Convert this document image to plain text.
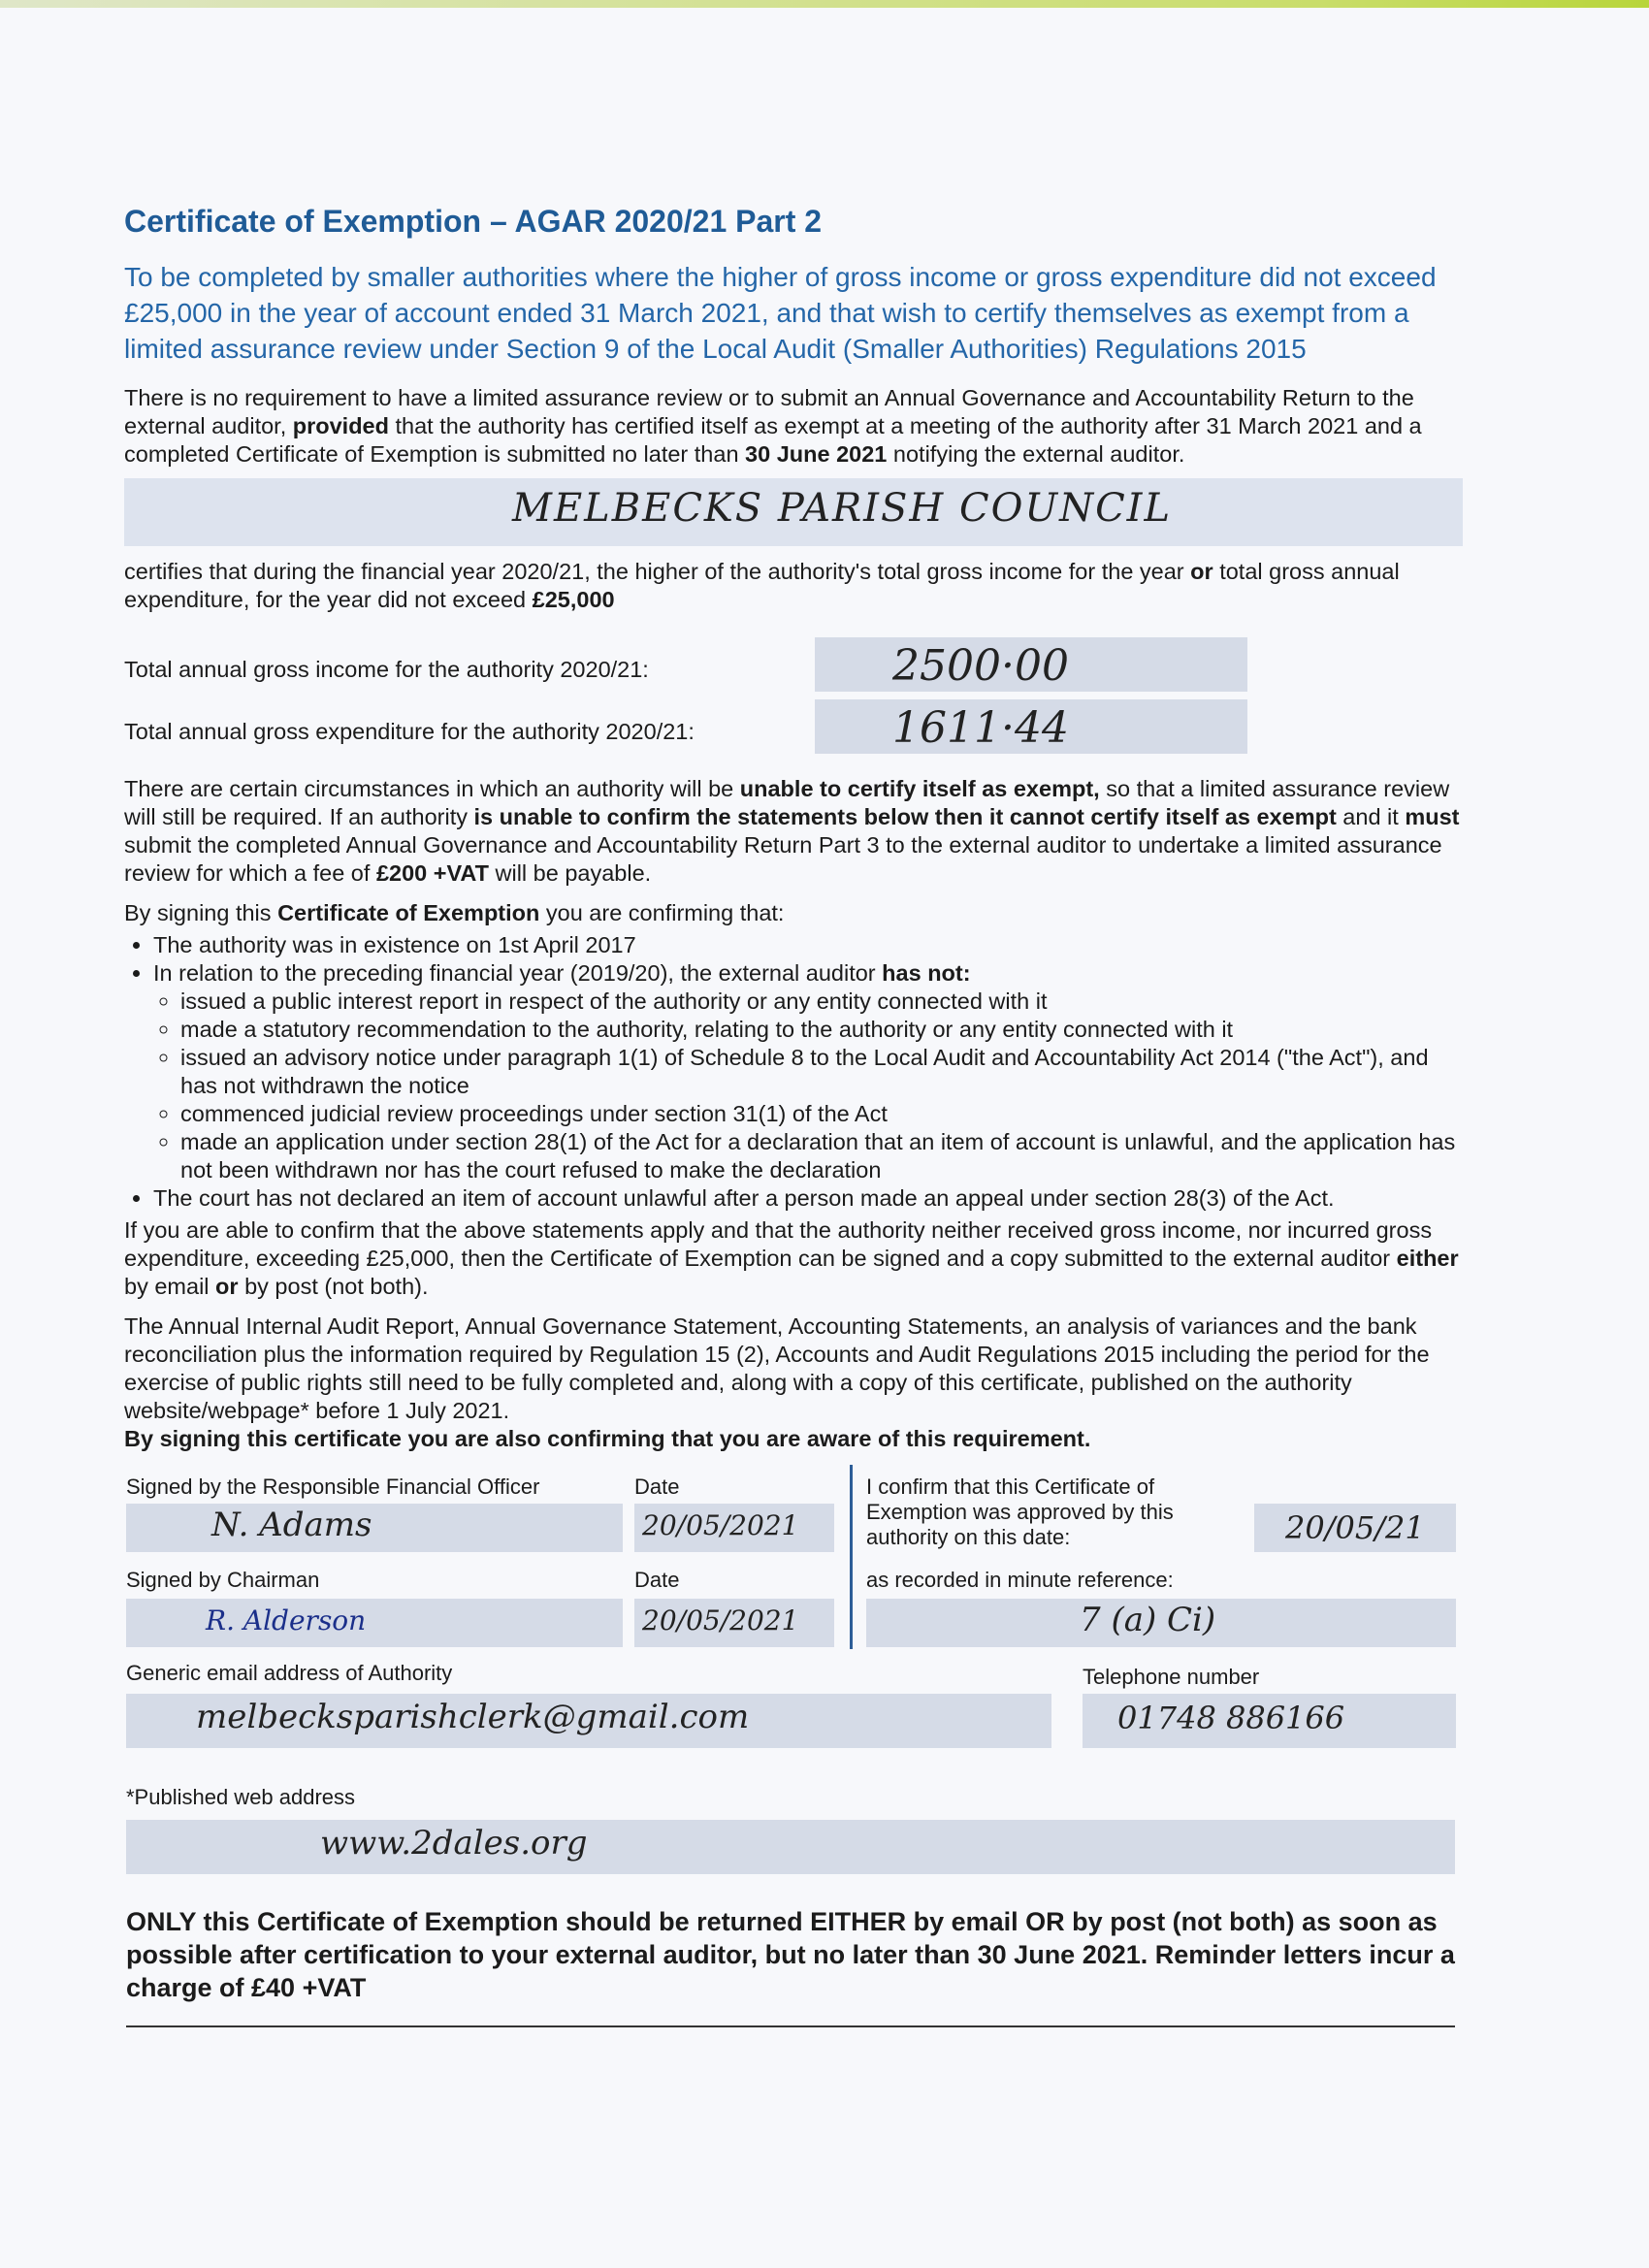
Certificate of Exemption – AGAR 2020/21 Part 2
To be completed by smaller authorities where the higher of gross income or gross expenditure did not exceed £25,000 in the year of account ended 31 March 2021, and that wish to certify themselves as exempt from a limited assurance review under Section 9 of the Local Audit (Smaller Authorities) Regulations 2015

There is no requirement to have a limited assurance review or to submit an Annual Governance and Accountability Return to the external auditor, provided that the authority has certified itself as exempt at a meeting of the authority after 31 March 2021 and a completed Certificate of Exemption is submitted no later than 30 June 2021 notifying the external auditor.

MELBECKS PARISH COUNCIL

certifies that during the financial year 2020/21, the higher of the authority's total gross income for the year or total gross annual expenditure, for the year did not exceed £25,000

Total annual gross income for the authority 2020/21:	2500·00
Total annual gross expenditure for the authority 2020/21:	1611·44

There are certain circumstances in which an authority will be unable to certify itself as exempt, so that a limited assurance review will still be required. If an authority is unable to confirm the statements below then it cannot certify itself as exempt and it must submit the completed Annual Governance and Accountability Return Part 3 to the external auditor to undertake a limited assurance review for which a fee of £200 +VAT will be payable.

By signing this Certificate of Exemption you are confirming that:

• The authority was in existence on 1st April 2017
• In relation to the preceding financial year (2019/20), the external auditor has not:
◦ issued a public interest report in respect of the authority or any entity connected with it
◦ made a statutory recommendation to the authority, relating to the authority or any entity connected with it
◦ issued an advisory notice under paragraph 1(1) of Schedule 8 to the Local Audit and Accountability Act 2014 ("the Act"), and has not withdrawn the notice
◦ commenced judicial review proceedings under section 31(1) of the Act
◦ made an application under section 28(1) of the Act for a declaration that an item of account is unlawful, and the application has not been withdrawn nor has the court refused to make the declaration
• The court has not declared an item of account unlawful after a person made an appeal under section 28(3) of the Act.

If you are able to confirm that the above statements apply and that the authority neither received gross income, nor incurred gross expenditure, exceeding £25,000, then the Certificate of Exemption can be signed and a copy submitted to the external auditor either by email or by post (not both).

The Annual Internal Audit Report, Annual Governance Statement, Accounting Statements, an analysis of variances and the bank reconciliation plus the information required by Regulation 15 (2), Accounts and Audit Regulations 2015 including the period for the exercise of public rights still need to be fully completed and, along with a copy of this certificate, published on the authority website/webpage* before 1 July 2021.

By signing this certificate you are also confirming that you are aware of this requirement.

Signed by the Responsible Financial Officer	Date
N. Adams	20/05/2021
I confirm that this Certificate of Exemption was approved by this authority on this date:	20/05/21
Signed by Chairman	Date	as recorded in minute reference:
R. Alderson	20/05/2021	7 (a) Ci)
Generic email address of Authority	Telephone number
melbecksparishclerk@gmail.com	01748 886166
*Published web address
www.2dales.org
ONLY this Certificate of Exemption should be returned EITHER by email OR by post (not both) as soon as possible after certification to your external auditor, but no later than 30 June 2021. Reminder letters incur a charge of £40 +VAT
